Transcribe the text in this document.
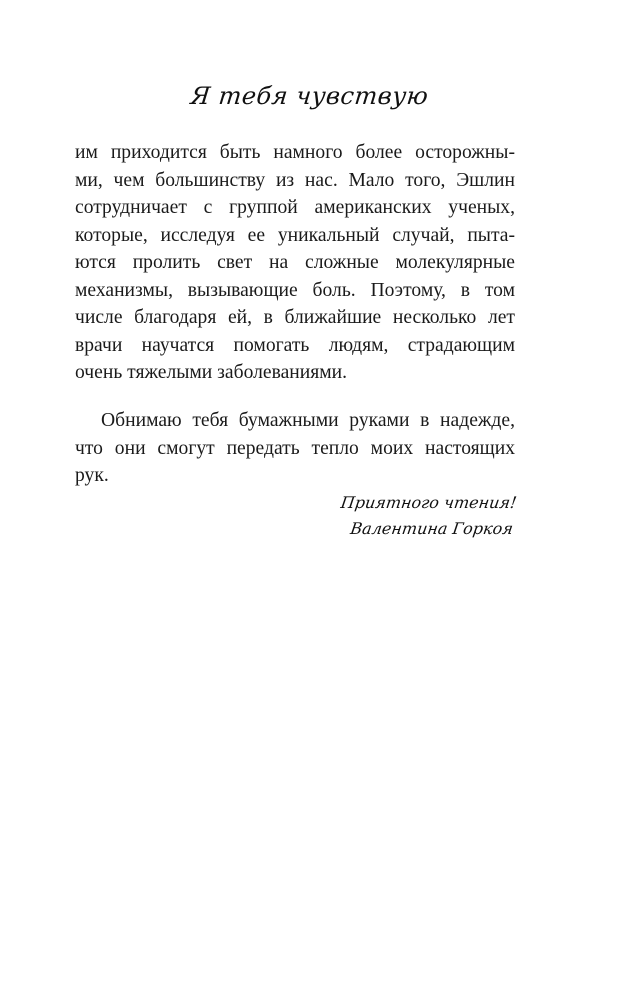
Я тебя чувствую
им приходится быть намного более осторожны-
ми, чем большинству из нас. Мало того, Эшлин
сотрудничает с группой американских ученых,
которые, исследуя ее уникальный случай, пыта-
ются пролить свет на сложные молекулярные
механизмы, вызывающие боль. Поэтому, в том
числе благодаря ей, в ближайшие несколько лет
врачи научатся помогать людям, страдающим
очень тяжелыми заболеваниями.
Обнимаю тебя бумажными руками в надежде,
что они смогут передать тепло моих настоящих
рук.
Приятного чтения!
Валентина Горкоя
